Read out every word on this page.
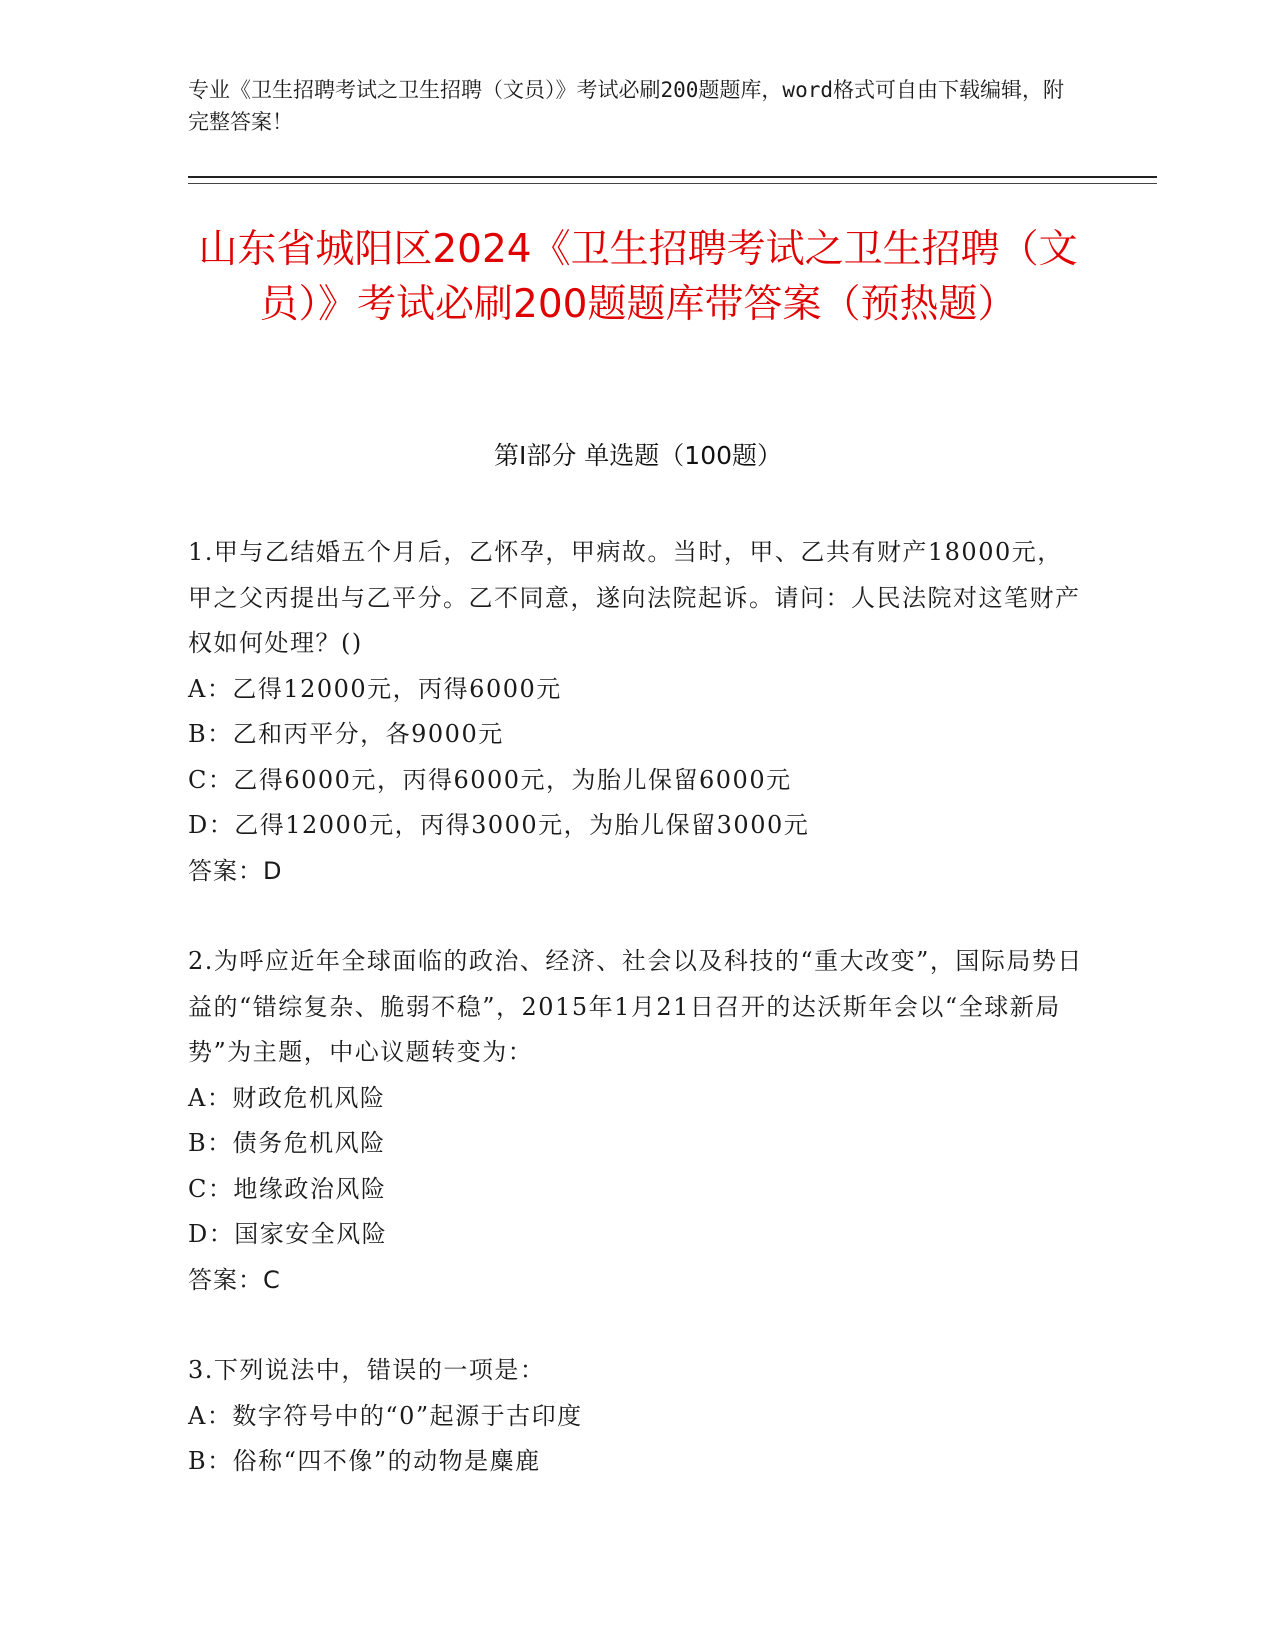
专业《卫生招聘考试之卫生招聘（文员）》考试必刷200题题库，word格式可自由下载编辑，附完整答案！
山东省城阳区2024《卫生招聘考试之卫生招聘（文员）》考试必刷200题题库带答案（预热题）
第Ⅰ部分 单选题（100题）
1.甲与乙结婚五个月后，乙怀孕，甲病故。当时，甲、乙共有财产18000元，甲之父丙提出与乙平分。乙不同意，遂向法院起诉。请问：人民法院对这笔财产权如何处理？()
A：乙得12000元，丙得6000元
B：乙和丙平分，各9000元
C：乙得6000元，丙得6000元，为胎儿保留6000元
D：乙得12000元，丙得3000元，为胎儿保留3000元
答案：D
2.为呼应近年全球面临的政治、经济、社会以及科技的“重大改变”，国际局势日益的“错综复杂、脆弱不稳”，2015年1月21日召开的达沃斯年会以“全球新局势”为主题，中心议题转变为：
A：财政危机风险
B：债务危机风险
C：地缘政治风险
D：国家安全风险
答案：C
3.下列说法中，错误的一项是：
A：数字符号中的“0”起源于古印度
B：俗称“四不像”的动物是麋鹿
